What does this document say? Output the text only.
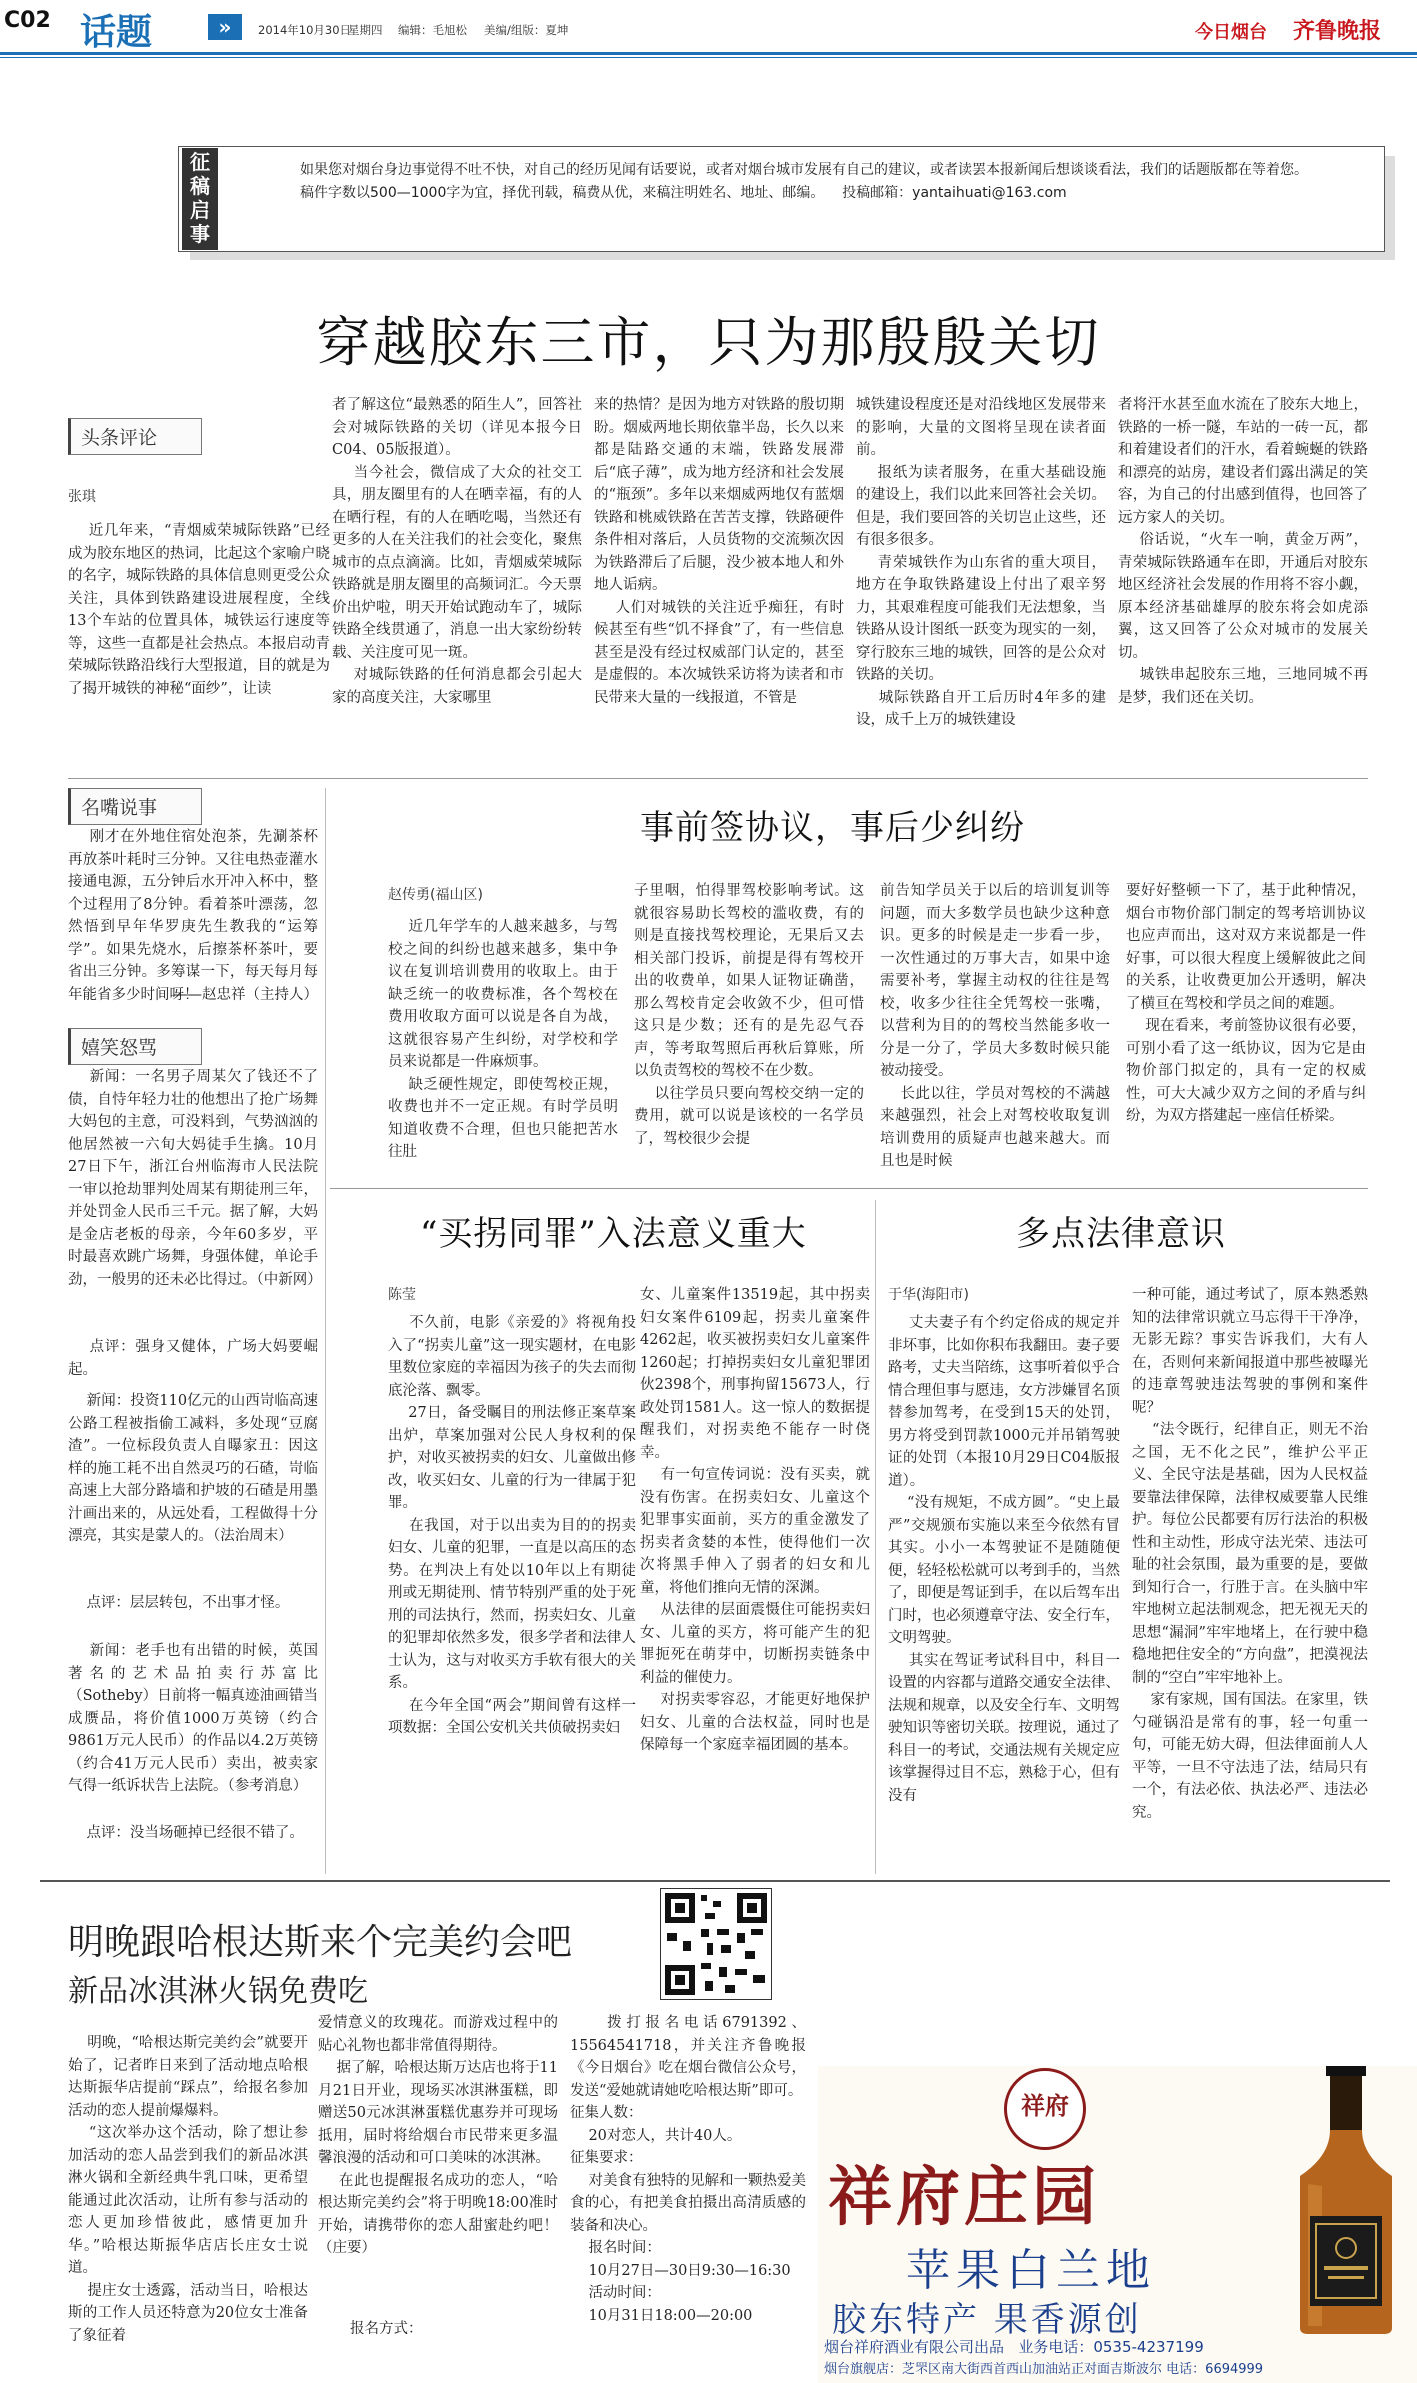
C02 话题	»	2014年10月30日
星期四 编辑：毛旭松 美编/组版：夏坤	今日烟台 齐鲁晚报
征稿启事
如果您对烟台身边事觉得不吐不快，对自己的经历见闻有话要说，或者对烟台城市发展有自己的建议，或者读罢本报新闻后想谈谈看法，我们的话题版都在等着您。
稿件字数以500—1000字为宜，择优刊载，稿费从优，来稿注明姓名、地址、邮编。 投稿邮箱：yantaihuati@163.com
穿越胶东三市，只为那殷殷关切
头条评论
张琪
近几年来，“青烟威荣城际铁路”已经成为胶东地区的热词，比起这个家喻户晓的名字，城际铁路的具体信息则更受公众关注，具体到铁路建设进展程度，全线13个车站的位置具体，城铁运行速度等等，这些一直都是社会热点。本报启动青荣城际铁路沿线行大型报道，目的就是为了揭开城铁的神秘“面纱”，让读
者了解这位“最熟悉的陌生人”，回答社会对城际铁路的关切（详见本报今日C04、05版报道）。
当今社会，微信成了大众的社交工具，朋友圈里有的人在晒幸福，有的人在晒行程，有的人在晒吃喝，当然还有更多的人在关注我们的社会变化，聚焦城市的点点滴滴。比如，青烟威荣城际铁路就是朋友圈里的高频词汇。今天票价出炉啦，明天开始试跑动车了，城际铁路全线贯通了，消息一出大家纷纷转载、关注度可见一斑。
对城际铁路的任何消息都会引起大家的高度关注，大家哪里
来的热情？是因为地方对铁路的殷切期盼。烟威两地长期依靠半岛，长久以来都是陆路交通的末端，铁路发展滞后“底子薄”，成为地方经济和社会发展的“瓶颈”。多年以来烟威两地仅有蓝烟铁路和桃威铁路在苦苦支撑，铁路硬件条件相对落后，人员货物的交流频次因为铁路滞后了后腿，没少被本地人和外地人诟病。
人们对城铁的关注近乎痴狂，有时候甚至有些“饥不择食”了，有一些信息甚至是没有经过权威部门认定的，甚至是虚假的。本次城铁采访将为读者和市民带来大量的一线报道，不管是
城铁建设程度还是对沿线地区发展带来的影响，大量的文图将呈现在读者面前。
报纸为读者服务，在重大基础设施的建设上，我们以此来回答社会关切。但是，我们要回答的关切岂止这些，还有很多很多。
青荣城铁作为山东省的重大项目，地方在争取铁路建设上付出了艰辛努力，其艰难程度可能我们无法想象，当铁路从设计图纸一跃变为现实的一刻，穿行胶东三地的城铁，回答的是公众对铁路的关切。
城际铁路自开工后历时4年多的建设，成千上万的城铁建设
者将汗水甚至血水流在了胶东大地上，铁路的一桥一隧，车站的一砖一瓦，都和着建设者们的汗水，看着蜿蜒的铁路和漂亮的站房，建设者们露出满足的笑容，为自己的付出感到值得，也回答了远方家人的关切。
俗话说，“火车一响，黄金万两”，青荣城际铁路通车在即，开通后对胶东地区经济社会发展的作用将不容小觑，原本经济基础雄厚的胶东将会如虎添翼，这又回答了公众对城市的发展关切。
城铁串起胶东三地，三地同城不再是梦，我们还在关切。
名嘴说事
刚才在外地住宿处泡茶，先涮茶杯再放茶叶耗时三分钟。又往电热壶灌水接通电源，五分钟后水开冲入杯中，整个过程用了8分钟。看着茶叶漂荡，忽然悟到早年华罗庚先生教我的“运筹学”。如果先烧水，后擦茶杯茶叶，要省出三分钟。多筹谋一下，每天每月每年能省多少时间呀！
——赵忠祥（主持人）
嬉笑怒骂
新闻：一名男子周某欠了钱还不了债，自恃年轻力壮的他想出了抢广场舞大妈包的主意，可没料到，气势汹汹的他居然被一六旬大妈徒手生擒。10月27日下午，浙江台州临海市人民法院一审以抢劫罪判处周某有期徒刑三年，并处罚金人民币三千元。据了解，大妈是金店老板的母亲，今年60多岁，平时最喜欢跳广场舞，身强体健，单论手劲，一般男的还未必比得过。（中新网）
点评：强身又健体，广场大妈要崛起。
新闻：投资110亿元的山西岢临高速公路工程被指偷工减料，多处现“豆腐渣”。一位标段负责人自曝家丑：因这样的施工耗不出自然灵巧的石碴，岢临高速上大部分路墙和护坡的石碴是用墨汁画出来的，从远处看，工程做得十分漂亮，其实是蒙人的。（法治周末）
点评：层层转包，不出事才怪。
新闻：老手也有出错的时候，英国著名的艺术品拍卖行苏富比（Sotheby）日前将一幅真迹油画错当成赝品，将价值1000万英镑（约合9861万元人民币）的作品以4.2万英镑（约合41万元人民币）卖出，被卖家气得一纸诉状告上法院。（参考消息）
点评：没当场砸掉已经很不错了。
事前签协议，事后少纠纷
赵传勇(福山区)
近几年学车的人越来越多，与驾校之间的纠纷也越来越多，集中争议在复训培训费用的收取上。由于缺乏统一的收费标准，各个驾校在费用收取方面可以说是各自为战，这就很容易产生纠纷，对学校和学员来说都是一件麻烦事。
缺乏硬性规定，即使驾校正规，收费也并不一定正规。有时学员明知道收费不合理，但也只能把苦水往肚
子里咽，怕得罪驾校影响考试。这就很容易助长驾校的滥收费，有的则是直接找驾校理论，无果后又去相关部门投诉，前提是得有驾校开出的收费单，如果人证物证确凿，那么驾校肯定会收敛不少，但可惜这只是少数；还有的是先忍气吞声，等考取驾照后再秋后算账，所以负责驾校的驾校不在少数。
以往学员只要向驾校交纳一定的费用，就可以说是该校的一名学员了，驾校很少会提
前告知学员关于以后的培训复训等问题，而大多数学员也缺少这种意识。更多的时候是走一步看一步，一次性通过的万事大吉，如果中途需要补考，掌握主动权的往往是驾校，收多少往往全凭驾校一张嘴，以营利为目的的驾校当然能多收一分是一分了，学员大多数时候只能被动接受。
长此以往，学员对驾校的不满越来越强烈，社会上对驾校收取复训培训费用的质疑声也越来越大。而且也是时候
要好好整顿一下了，基于此种情况，烟台市物价部门制定的驾考培训协议也应声而出，这对双方来说都是一件好事，可以很大程度上缓解彼此之间的关系，让收费更加公开透明，解决了横亘在驾校和学员之间的难题。
现在看来，考前签协议很有必要，可别小看了这一纸协议，因为它是由物价部门拟定的，具有一定的权威性，可大大减少双方之间的矛盾与纠纷，为双方搭建起一座信任桥梁。
“买拐同罪”入法意义重大
陈莹
不久前，电影《亲爱的》将视角投入了“拐卖儿童”这一现实题材，在电影里数位家庭的幸福因为孩子的失去而彻底沦落、飘零。
27日，备受瞩目的刑法修正案草案出炉，草案加强对公民人身权利的保护，对收买被拐卖的妇女、儿童做出修改，收买妇女、儿童的行为一律属于犯罪。
在我国，对于以出卖为目的的拐卖妇女、儿童的犯罪，一直是以高压的态势。在判决上有处以10年以上有期徒刑或无期徒刑、情节特别严重的处于死刑的司法执行，然而，拐卖妇女、儿童的犯罪却依然多发，很多学者和法律人士认为，这与对收买方手软有很大的关系。
在今年全国“两会”期间曾有这样一项数据：全国公安机关共侦破拐卖妇
女、儿童案件13519起，其中拐卖妇女案件6109起，拐卖儿童案件4262起，收买被拐卖妇女儿童案件1260起；打掉拐卖妇女儿童犯罪团伙2398个，刑事拘留15673人，行政处罚1581人。这一惊人的数据提醒我们，对拐卖绝不能存一时侥幸。
有一句宣传词说：没有买卖，就没有伤害。在拐卖妇女、儿童这个犯罪事实面前，买方的重金激发了拐卖者贪婪的本性，使得他们一次次将黑手伸入了弱者的妇女和儿童，将他们推向无情的深渊。
从法律的层面震慑住可能拐卖妇女、儿童的买方，将可能产生的犯罪扼死在萌芽中，切断拐卖链条中利益的催使力。
对拐卖零容忍，才能更好地保护妇女、儿童的合法权益，同时也是保障每一个家庭幸福团圆的基本。
多点法律意识
于华(海阳市)
丈夫妻子有个约定俗成的规定并非坏事，比如你积布我翻田。妻子要路考，丈夫当陪练，这事听着似乎合情合理但事与愿违，女方涉嫌冒名顶替参加驾考，在受到15天的处罚，男方将受到罚款1000元并吊销驾驶证的处罚（本报10月29日C04版报道）。
“没有规矩，不成方圆”。“史上最严”交规颁布实施以来至今依然有冒其实。小小一本驾驶证不是随随便便，轻轻松松就可以考到手的，当然了，即便是驾证到手，在以后驾车出门时，也必须遵章守法、安全行车，文明驾驶。
其实在驾证考试科目中，科目一设置的内容都与道路交通安全法律、法规和规章，以及安全行车、文明驾驶知识等密切关联。按理说，通过了科目一的考试，交通法规有关规定应该掌握得过目不忘，熟稔于心，但有没有
一种可能，通过考试了，原本熟悉熟知的法律常识就立马忘得干干净净，无影无踪？事实告诉我们，大有人在，否则何来新闻报道中那些被曝光的违章驾驶违法驾驶的事例和案件呢？
“法令既行，纪律自正，则无不治之国，无不化之民”，维护公平正义、全民守法是基础，因为人民权益要靠法律保障，法律权威要靠人民维护。每位公民都要有厉行法治的积极性和主动性，形成守法光荣、违法可耻的社会氛围，最为重要的是，要做到知行合一，行胜于言。在头脑中牢牢地树立起法制观念，把无视无天的思想“漏洞”牢牢地堵上，在行驶中稳稳地把住安全的“方向盘”，把漠视法制的“空白”牢牢地补上。
家有家规，国有国法。在家里，铁勺碰锅沿是常有的事，轻一句重一句，可能无妨大碍，但法律面前人人平等，一旦不守法违了法，结局只有一个，有法必依、执法必严、违法必究。
明晚跟哈根达斯来个完美约会吧
新品冰淇淋火锅免费吃
明晚，“哈根达斯完美约会”就要开始了，记者昨日来到了活动地点哈根达斯振华店提前“踩点”，给报名参加活动的恋人提前爆爆料。
“这次举办这个活动，除了想让参加活动的恋人品尝到我们的新品冰淇淋火锅和全新经典牛乳口味，更希望能通过此次活动，让所有参与活动的恋人更加珍惜彼此，感情更加升华。”哈根达斯振华店店长庄女士说道。
提庄女士透露，活动当日，哈根达斯的工作人员还特意为20位女士准备了象征着
爱情意义的玫瑰花。而游戏过程中的贴心礼物也都非常值得期待。
据了解，哈根达斯万达店也将于11月21日开业，现场买冰淇淋蛋糕，即赠送50元冰淇淋蛋糕优惠券并可现场抵用，届时将给烟台市民带来更多温馨浪漫的活动和可口美味的冰淇淋。
在此也提醒报名成功的恋人，“哈根达斯完美约会”将于明晚18:00准时开始，请携带你的恋人甜蜜赴约吧！（庄要）
报名方式：
拨打报名电话6791392、15564541718，并关注齐鲁晚报《今日烟台》吃在烟台微信公众号，发送“爱她就请她吃哈根达斯”即可。
征集人数：
20对恋人，共计40人。
征集要求：
对美食有独特的见解和一颗热爱美食的心，有把美食拍摄出高清质感的装备和决心。
报名时间：
10月27日—30日9:30—16:30
活动时间：
10月31日18:00—20:00
祥府
祥府庄园
苹果白兰地
胶东特产 果香源创
烟台祥府酒业有限公司出品 业务电话：0535-4237199
烟台旗舰店：芝罘区南大街西首西山加油站正对面吉斯波尔 电话：6694999
